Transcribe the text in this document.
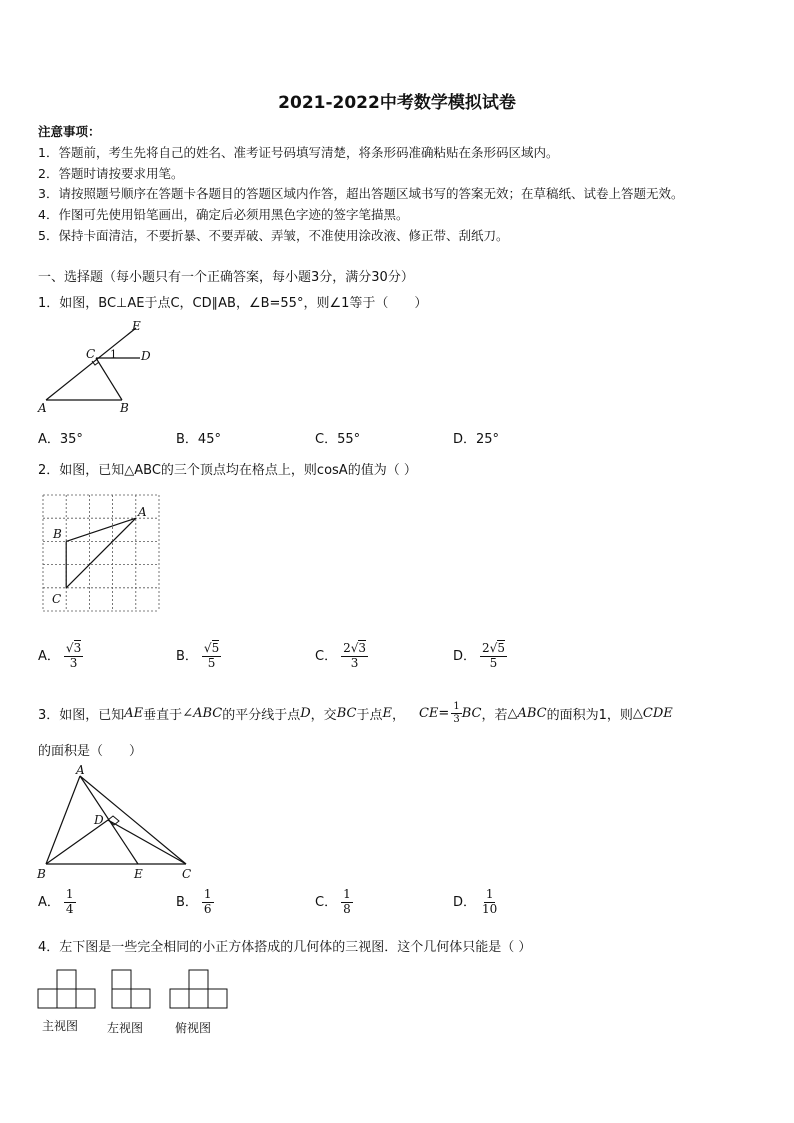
2021-2022中考数学模拟试卷
注意事项：
1．答题前，考生先将自己的姓名、准考证号码填写清楚，将条形码准确粘贴在条形码区域内。
2．答题时请按要求用笔。
3．请按照题号顺序在答题卡各题目的答题区域内作答，超出答题区域书写的答案无效；在草稿纸、试卷上答题无效。
4．作图可先使用铅笔画出，确定后必须用黑色字迹的签字笔描黑。
5．保持卡面清洁，不要折暴、不要弄破、弄皱，不准使用涂改液、修正带、刮纸刀。
一、选择题（每小题只有一个正确答案，每小题3分，满分30分）
1．如图，BC⊥AE于点C，CD∥AB，∠B=55°，则∠1等于（　　）
E
C 1 D
A	B
A．35°	B．45°	C．55°	D．25°
2．如图，已知△ABC的三个顶点均在格点上，则cosA的值为（ ）
A
B
C
A． $\frac{√3}{3}$	B． $\frac{√5}{5}$	C． $\frac{2√3}{3}$	D． $\frac{2√5}{5}$
3．如图，已知 AE 垂直于 ∠ABC 的平分线于点 D ，交 BC 于点 E ， CE = $\frac{1}{3}$ BC ，若 △ABC 的面积为1，则 △CDE
的面积是（　　）
A
D
B	E	C
A． $\frac{1}{4}$	B． $\frac{1}{6}$	C． $\frac{1}{8}$	D． $\frac{1}{10}$
4．左下图是一些完全相同的小正方体搭成的几何体的三视图．这个几何体只能是（ ）
主视图 左视图	俯视图
